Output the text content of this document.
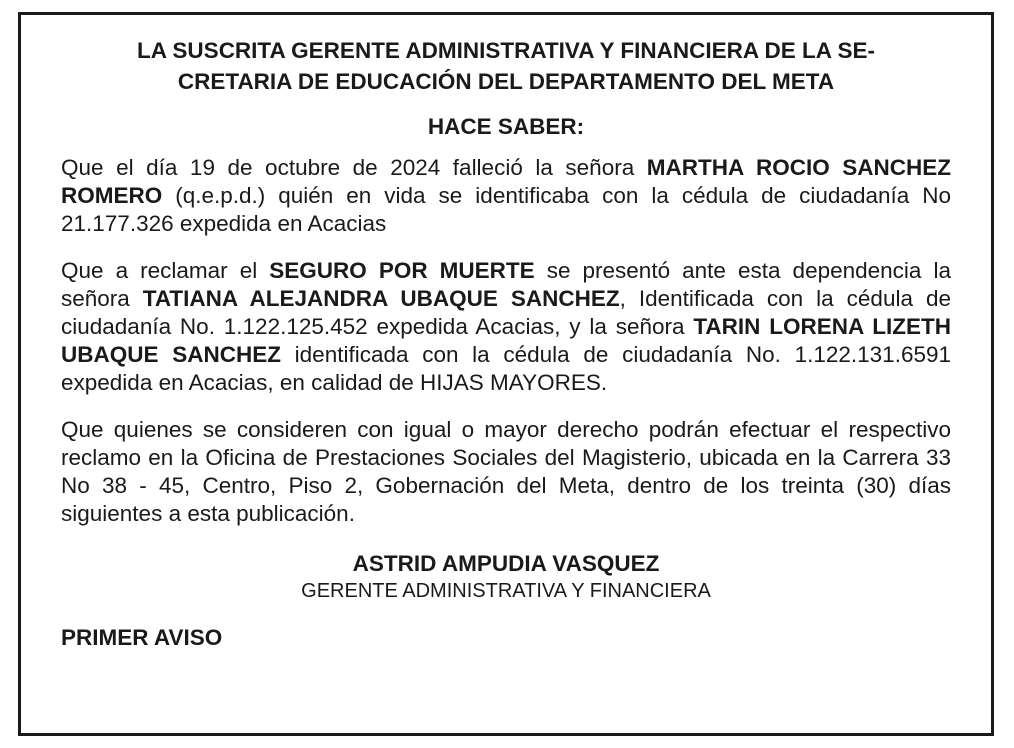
LA SUSCRITA GERENTE ADMINISTRATIVA Y FINANCIERA DE LA SE-
CRETARIA DE EDUCACIÓN DEL DEPARTAMENTO DEL META
HACE SABER:

Que el día 19 de octubre de 2024 falleció la señora MARTHA ROCIO SANCHEZ ROMERO (q.e.p.d.) quién en vida se identificaba con la cédula de ciudadanía No 21.177.326 expedida en Acacias

Que a reclamar el SEGURO POR MUERTE se presentó ante esta dependencia la señora TATIANA ALEJANDRA UBAQUE SANCHEZ, Identificada con la cédula de ciudadanía No. 1.122.125.452 expedida Acacias, y la señora TARIN LORENA LIZETH UBAQUE SANCHEZ identificada con la cédula de ciudadanía No. 1.122.131.6591 expedida en Acacias, en calidad de HIJAS MAYORES.

Que quienes se consideren con igual o mayor derecho podrán efectuar el respectivo reclamo en la Oficina de Prestaciones Sociales del Magisterio, ubicada en la Carrera 33 No 38 - 45, Centro, Piso 2, Gobernación del Meta, dentro de los treinta (30) días siguientes a esta publicación.

ASTRID AMPUDIA VASQUEZ
GERENTE ADMINISTRATIVA Y FINANCIERA
PRIMER AVISO
